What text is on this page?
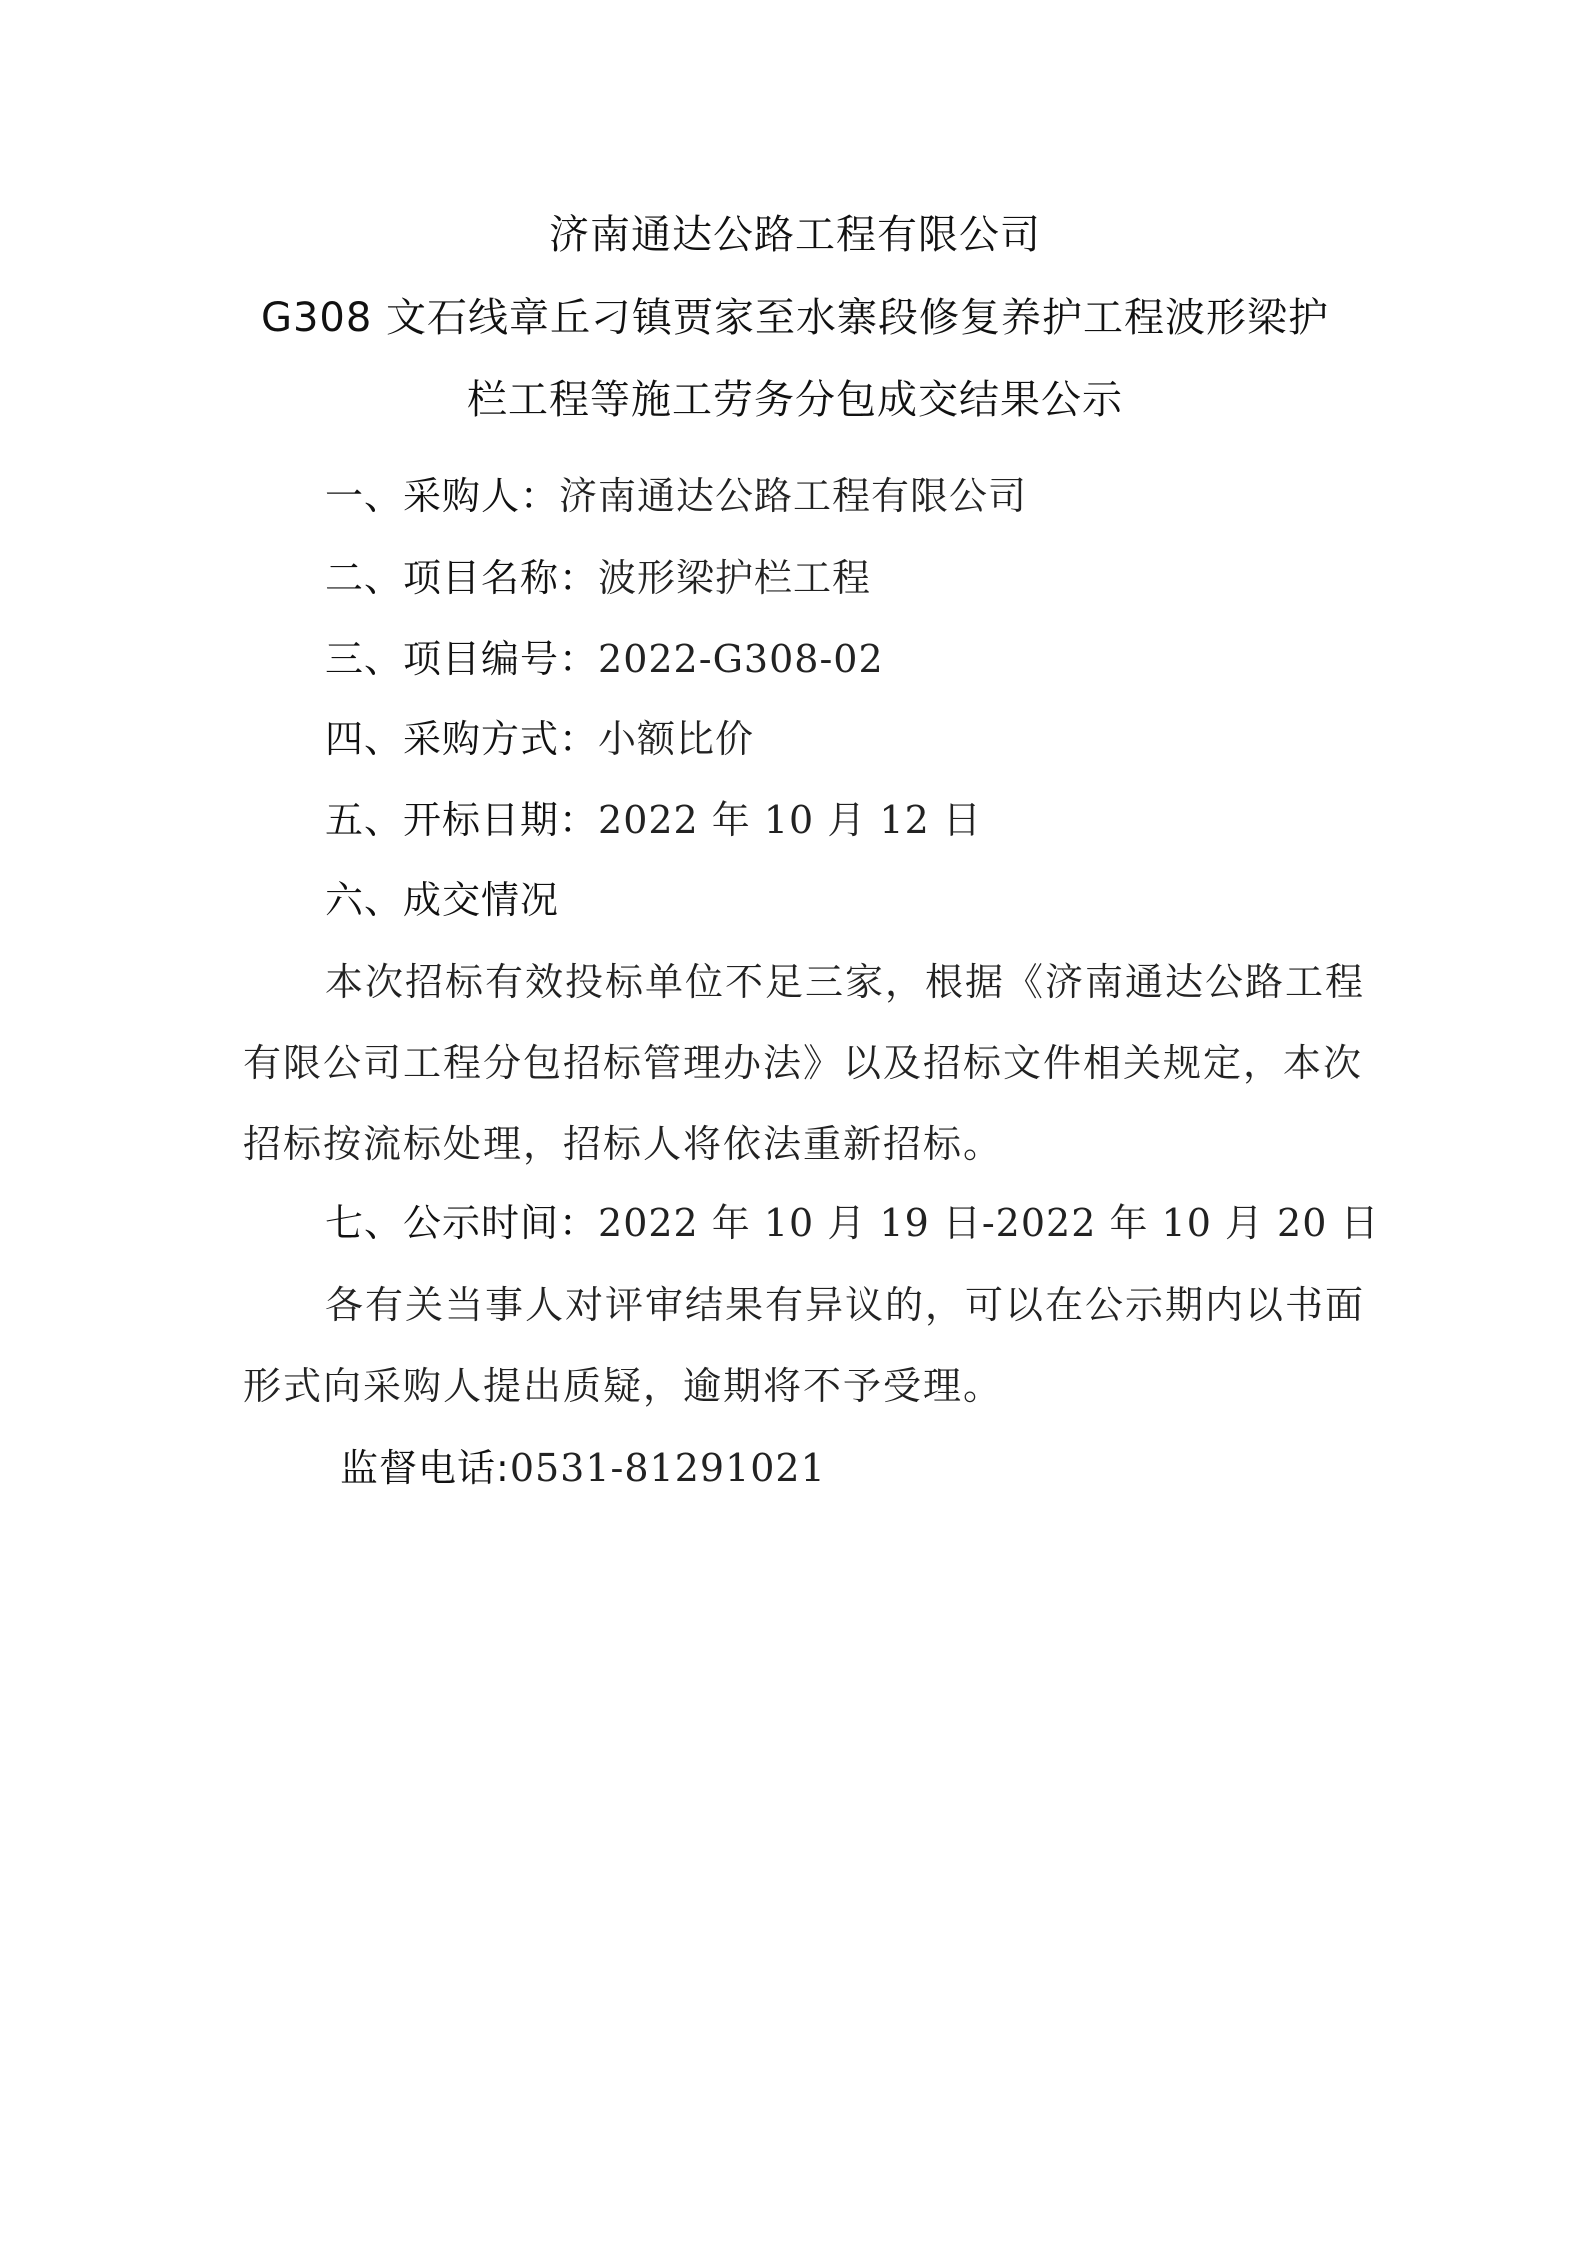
济南通达公路工程有限公司
G308 文石线章丘刁镇贾家至水寨段修复养护工程波形梁护
栏工程等施工劳务分包成交结果公示
一、采购人：济南通达公路工程有限公司
二、项目名称：波形梁护栏工程
三、项目编号：2022-G308-02
四、采购方式：小额比价
五、开标日期：2022 年 10 月 12 日
六、成交情况
本次招标有效投标单位不足三家，根据《济南通达公路工程
有限公司工程分包招标管理办法》以及招标文件相关规定，本次
招标按流标处理，招标人将依法重新招标。
七、公示时间：2022 年 10 月 19 日-2022 年 10 月 20 日
各有关当事人对评审结果有异议的，可以在公示期内以书面
形式向采购人提出质疑，逾期将不予受理。
监督电话:0531-81291021
